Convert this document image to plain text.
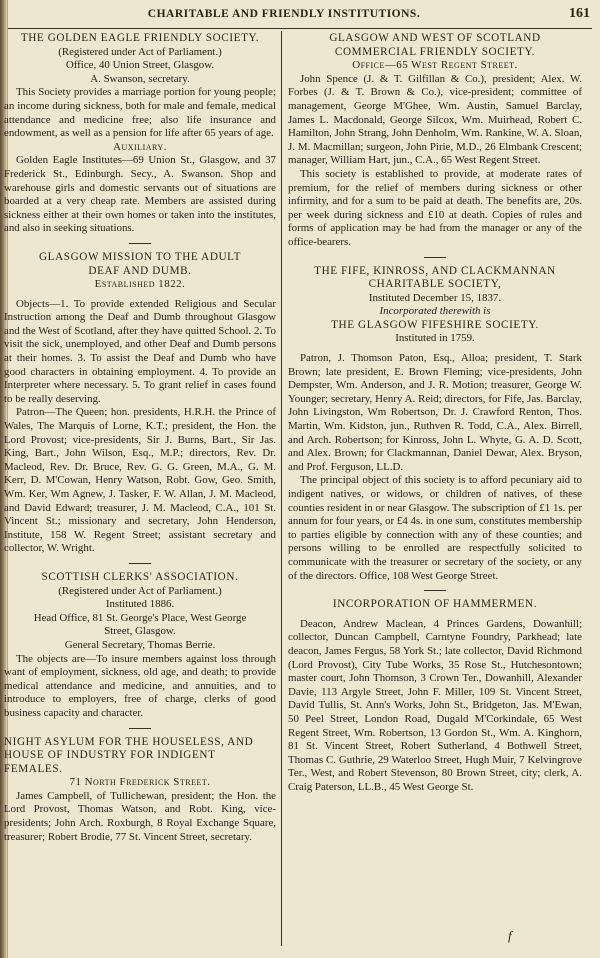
CHARITABLE AND FRIENDLY INSTITUTIONS.	161

THE GOLDEN EAGLE FRIENDLY SOCIETY.

(Registered under Act of Parliament.)

Office, 40 Union Street, Glasgow.

A. Swanson, secretary.

This Society provides a marriage portion for young people; an income during sickness, both for male and female, medical attendance and medicine free; also life insurance and endowment, as well as a pension for life after 65 years of age.

Auxiliary.

Golden Eagle Institutes—69 Union St., Glasgow, and 37 Frederick St., Edinburgh. Secy., A. Swanson. Shop and warehouse girls and domestic servants out of situations are boarded at a very cheap rate. Members are assisted during sickness either at their own homes or taken into the institutes, and also in seeking situations.

GLASGOW MISSION TO THE ADULT

DEAF AND DUMB.

Established 1822.

Objects—1. To provide extended Religious and Secular Instruction among the Deaf and Dumb throughout Glasgow and the West of Scotland, after they have quitted School. 2. To visit the sick, unemployed, and other Deaf and Dumb persons at their homes. 3. To assist the Deaf and Dumb who have good characters in obtaining employment. 4. To provide an Interpreter where necessary. 5. To grant relief in cases found to be really deserving.

Patron—The Queen; hon. presidents, H.R.H. the Prince of Wales, The Marquis of Lorne, K.T.; president, the Hon. the Lord Provost; vice-presidents, Sir J. Burns, Bart., Sir Jas. King, Bart., John Wilson, Esq., M.P.; directors, Rev. Dr. Macleod, Rev. Dr. Bruce, Rev. G. G. Green, M.A., G. M. Kerr, D. M'Cowan, Henry Watson, Robt. Gow, Geo. Smith, Wm. Ker, Wm Agnew, J. Tasker, F. W. Allan, J. M. Macleod, and David Edward; treasurer, J. M. Macleod, C.A., 101 St. Vincent St.; missionary and secretary, John Henderson, Institute, 158 W. Regent Street; assistant secretary and collector, W. Wright.

SCOTTISH CLERKS' ASSOCIATION.

(Registered under Act of Parliament.)

Instituted 1886.

Head Office, 81 St. George's Place, West George

Street, Glasgow.

General Secretary, Thomas Berrie.

The objects are—To insure members against loss through want of employment, sickness, old age, and death; to provide medical attendance and medicine, and annuities, and to introduce to employers, free of charge, clerks of good business capacity and character.

NIGHT ASYLUM FOR THE HOUSELESS, AND HOUSE OF INDUSTRY FOR INDIGENT FEMALES.

71 North Frederick Street.

James Campbell, of Tullichewan, president; the Hon. the Lord Provost, Thomas Watson, and Robt. King, vice-presidents; John Arch. Roxburgh, 8 Royal Exchange Square, treasurer; Robert Brodie, 77 St. Vincent Street, secretary.

GLASGOW AND WEST OF SCOTLAND

COMMERCIAL FRIENDLY SOCIETY.

Office—65 West Regent Street.

John Spence (J. & T. Gilfillan & Co.), president; Alex. W. Forbes (J. & T. Brown & Co.), vice-president; committee of management, George M'Ghee, Wm. Austin, Samuel Barclay, James L. Macdonald, George Silcox, Wm. Muirhead, Robert C. Hamilton, John Strang, John Denholm, Wm. Rankine, W. A. Sloan, J. M. Macmillan; surgeon, John Pirie, M.D., 26 Elmbank Crescent; manager, William Hart, jun., C.A., 65 West Regent Street.

This society is established to provide, at moderate rates of premium, for the relief of members during sickness or other infirmity, and for a sum to be paid at death. The benefits are, 20s. per week during sickness and £10 at death. Copies of rules and forms of application may be had from the manager or any of the office-bearers.

THE FIFE, KINROSS, AND CLACKMANNAN

CHARITABLE SOCIETY,

Instituted December 15, 1837.

Incorporated therewith is

THE GLASGOW FIFESHIRE SOCIETY.

Instituted in 1759.

Patron, J. Thomson Paton, Esq., Alloa; president, T. Stark Brown; late president, E. Brown Fleming; vice-presidents, John Dempster, Wm. Anderson, and J. R. Motion; treasurer, George W. Younger; secretary, Henry A. Reid; directors, for Fife, Jas. Barclay, John Livingston, Wm Robertson, Dr. J. Crawford Renton, Thos. Martin, Wm. Kidston, jun., Ruthven R. Todd, C.A., Alex. Birrell, and Arch. Robertson; for Kinross, John L. Whyte, G. A. D. Scott, and Alex. Brown; for Clackmannan, Daniel Dewar, Alex. Bryson, and Prof. Ferguson, LL.D.

The principal object of this society is to afford pecuniary aid to indigent natives, or widows, or children of natives, of these counties resident in or near Glasgow. The subscription of £1 1s. per annum for four years, or £4 4s. in one sum, constitutes membership to parties eligible by connection with any of these counties; and persons willing to be enrolled are respectfully solicited to communicate with the treasurer or secretary of the society, or any of the directors. Office, 108 West George Street.

INCORPORATION OF HAMMERMEN.

Deacon, Andrew Maclean, 4 Princes Gardens, Dowanhill; collector, Duncan Campbell, Carntyne Foundry, Parkhead; late deacon, James Fergus, 58 York St.; late collector, David Richmond (Lord Provost), City Tube Works, 35 Rose St., Hutchesontown; master court, John Thomson, 3 Crown Ter., Dowanhill, Alexander Davie, 113 Argyle Street, John F. Miller, 109 St. Vincent Street, David Tullis, St. Ann's Works, John St., Bridgeton, Jas. M'Ewan, 50 Peel Street, London Road, Dugald M'Corkindale, 65 West Regent Street, Wm. Robertson, 13 Gordon St., Wm. A. Kinghorn, 81 St. Vincent Street, Robert Sutherland, 4 Bothwell Street, Thomas C. Guthrie, 29 Waterloo Street, Hugh Muir, 7 Kelvingrove Ter., West, and Robert Stevenson, 80 Brown Street, city; clerk, A. Craig Paterson, LL.B., 45 West George St.

f
